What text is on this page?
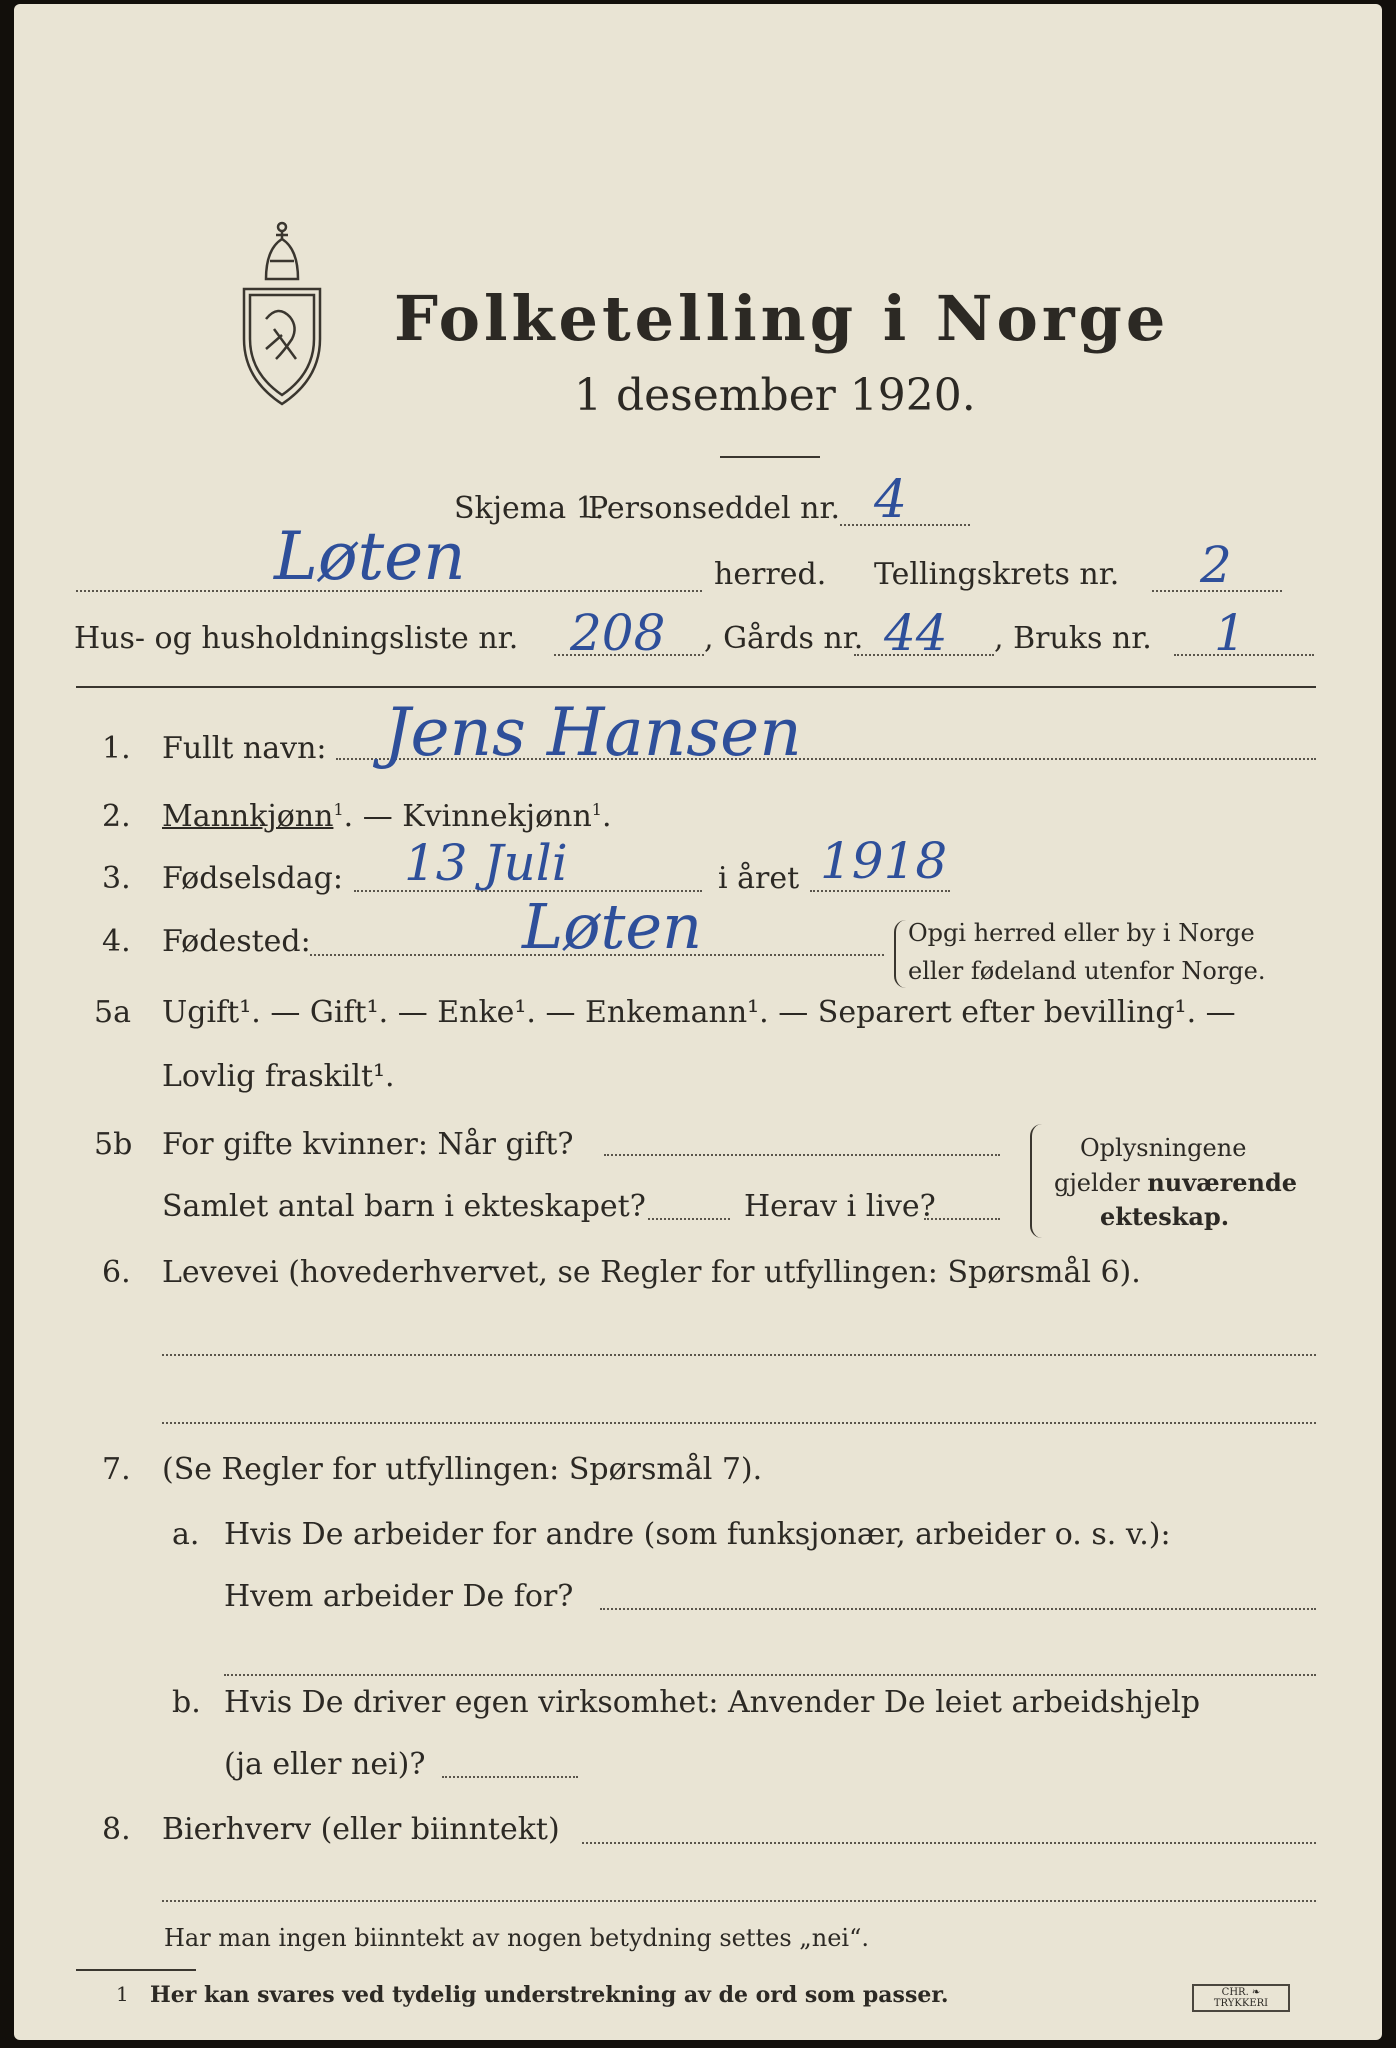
Folketelling i Norge
1 desember 1920.
Skjema 1.
Personseddel nr. 4
Løten	herred. Tellingskrets nr. 2
Hus- og husholdningsliste nr. 208 , Gårds nr. 44 , Bruks nr. 1
1. Fullt navn: Jens Hansen
2. Mannkjønn$^1$. — Kvinnekjønn$^1$.
3. Fødselsdag: 13 Juli	i året 1918
4. Fødested:	Løten	Opgi herred eller by i Norge
eller fødeland utenfor Norge.
5a Ugift¹. — Gift¹. — Enke¹. — Enkemann¹. — Separert efter bevilling¹. —
Lovlig fraskilt¹.
5b For gifte kvinner: Når gift?
Samlet antal barn i ekteskapet?	Herav i live?
Oplysningene
gjelder nuværende
ekteskap.
6. Levevei (hovederhvervet, se Regler for utfyllingen: Spørsmål 6).
7. (Se Regler for utfyllingen: Spørsmål 7).
a. Hvis De arbeider for andre (som funksjonær, arbeider o. s. v.):
Hvem arbeider De for?
b. Hvis De driver egen virksomhet: Anvender De leiet arbeidshjelp
(ja eller nei)?
8. Bierhverv (eller biinntekt)
Har man ingen biinntekt av nogen betydning settes „nei“.
1 Her kan svares ved tydelig understrekning av de ord som passer.	CHR. ❧ TRYKKERI
